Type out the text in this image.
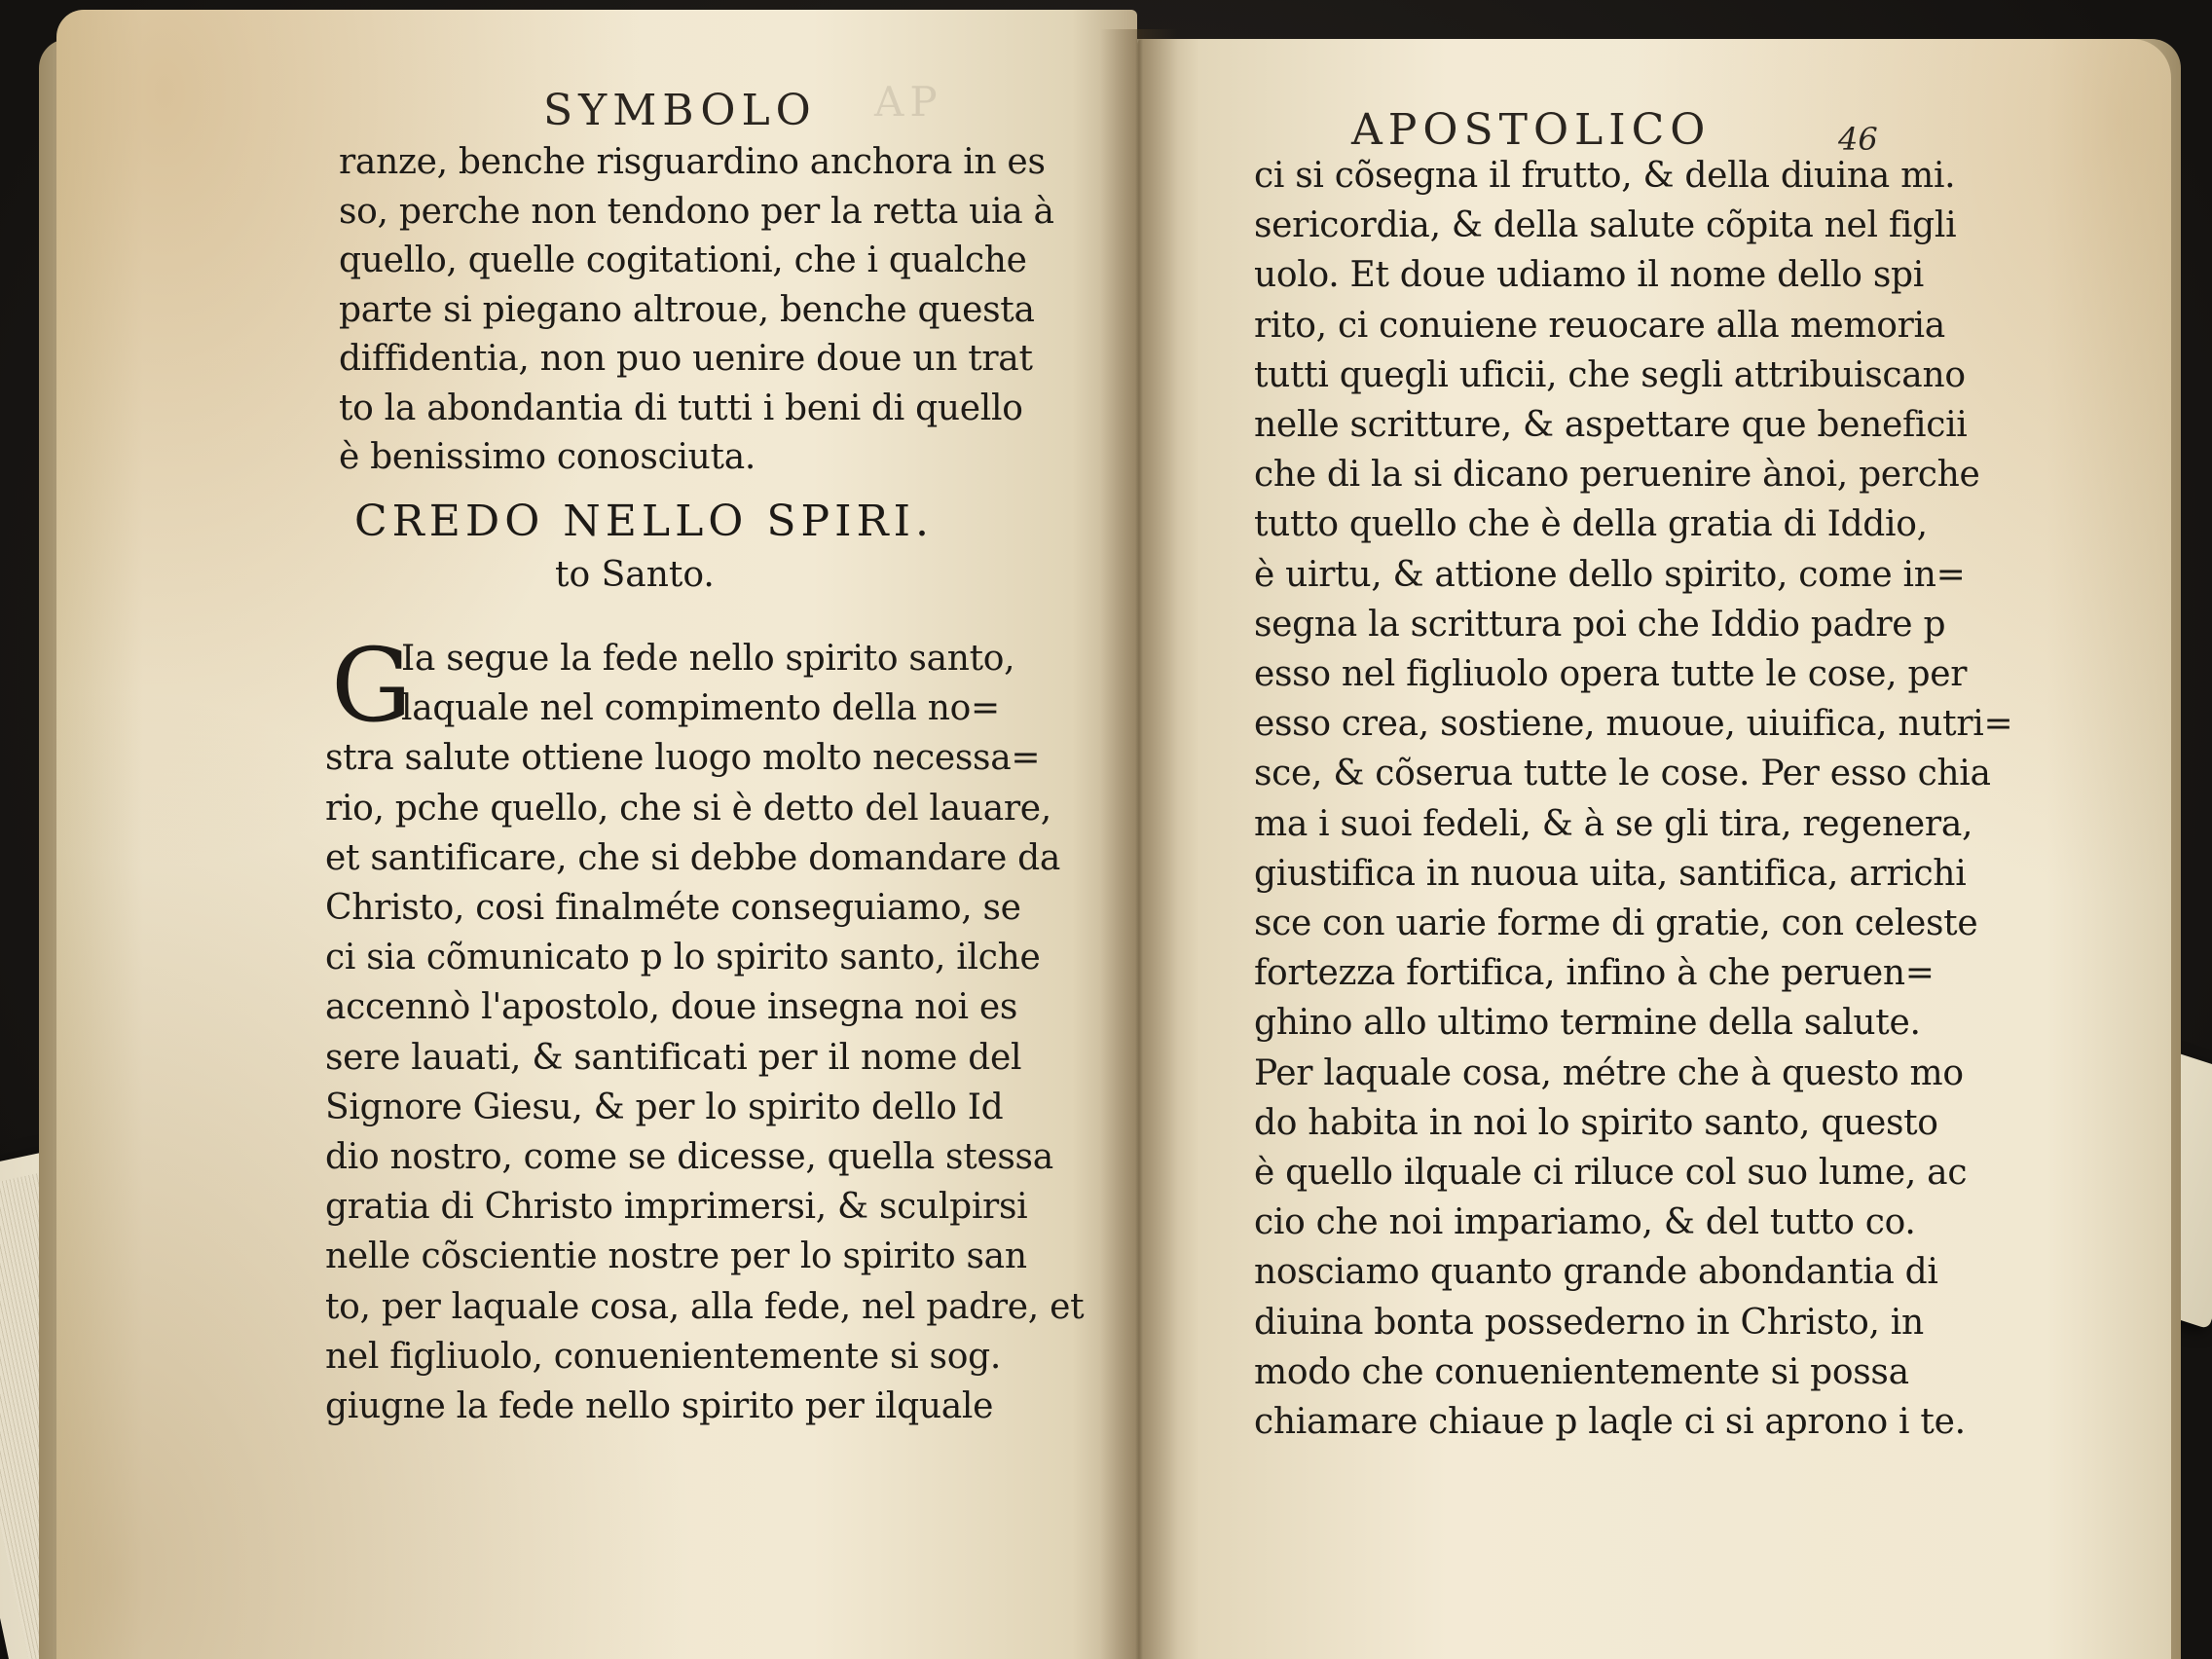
AP
SYMBOLO
ranze, benche risguardino anchora in es
so, perche non tendono per la retta uia à
quello, quelle cogitationi, che i qualche
parte si piegano altroue, benche questa
diffidentia, non puo uenire doue un trat
to la abondantia di tutti i beni di quello
è benissimo conosciuta.
CREDO NELLO SPIRI.
to Santo.
G
Ia segue la fede nello spirito santo,
laquale nel compimento della no=
stra salute ottiene luogo molto necessa=
rio, pche quello, che si è detto del lauare,
et santificare, che si debbe domandare da
Christo, cosi finalméte conseguiamo, se
ci sia cõmunicato p lo spirito santo, ilche
accennò l'apostolo, doue insegna noi es
sere lauati, & santificati per il nome del
Signore Giesu, & per lo spirito dello Id
dio nostro, come se dicesse, quella stessa
gratia di Christo imprimersi, & sculpirsi
nelle cõscientie nostre per lo spirito san
to, per laquale cosa, alla fede, nel padre, et
nel figliuolo, conuenientemente si sog.
giugne la fede nello spirito per ilquale
APOSTOLICO	46
ci si cõsegna il frutto, & della diuina mi.
sericordia, & della salute cõpita nel figli
uolo. Et doue udiamo il nome dello spi
rito, ci conuiene reuocare alla memoria
tutti quegli uficii, che segli attribuiscano
nelle scritture, & aspettare que beneficii
che di la si dicano peruenire ànoi, perche
tutto quello che è della gratia di Iddio,
è uirtu, & attione dello spirito, come in=
segna la scrittura poi che Iddio padre p
esso nel figliuolo opera tutte le cose, per
esso crea, sostiene, muoue, uiuifica, nutri=
sce, & cõserua tutte le cose. Per esso chia
ma i suoi fedeli, & à se gli tira, regenera,
giustifica in nuoua uita, santifica, arrichi
sce con uarie forme di gratie, con celeste
fortezza fortifica, infino à che peruen=
ghino allo ultimo termine della salute.
Per laquale cosa, métre che à questo mo
do habita in noi lo spirito santo, questo
è quello ilquale ci riluce col suo lume, ac
cio che noi impariamo, & del tutto co.
nosciamo quanto grande abondantia di
diuina bonta possederno in Christo, in
modo che conuenientemente si possa
chiamare chiaue p laqle ci si aprono i te.
